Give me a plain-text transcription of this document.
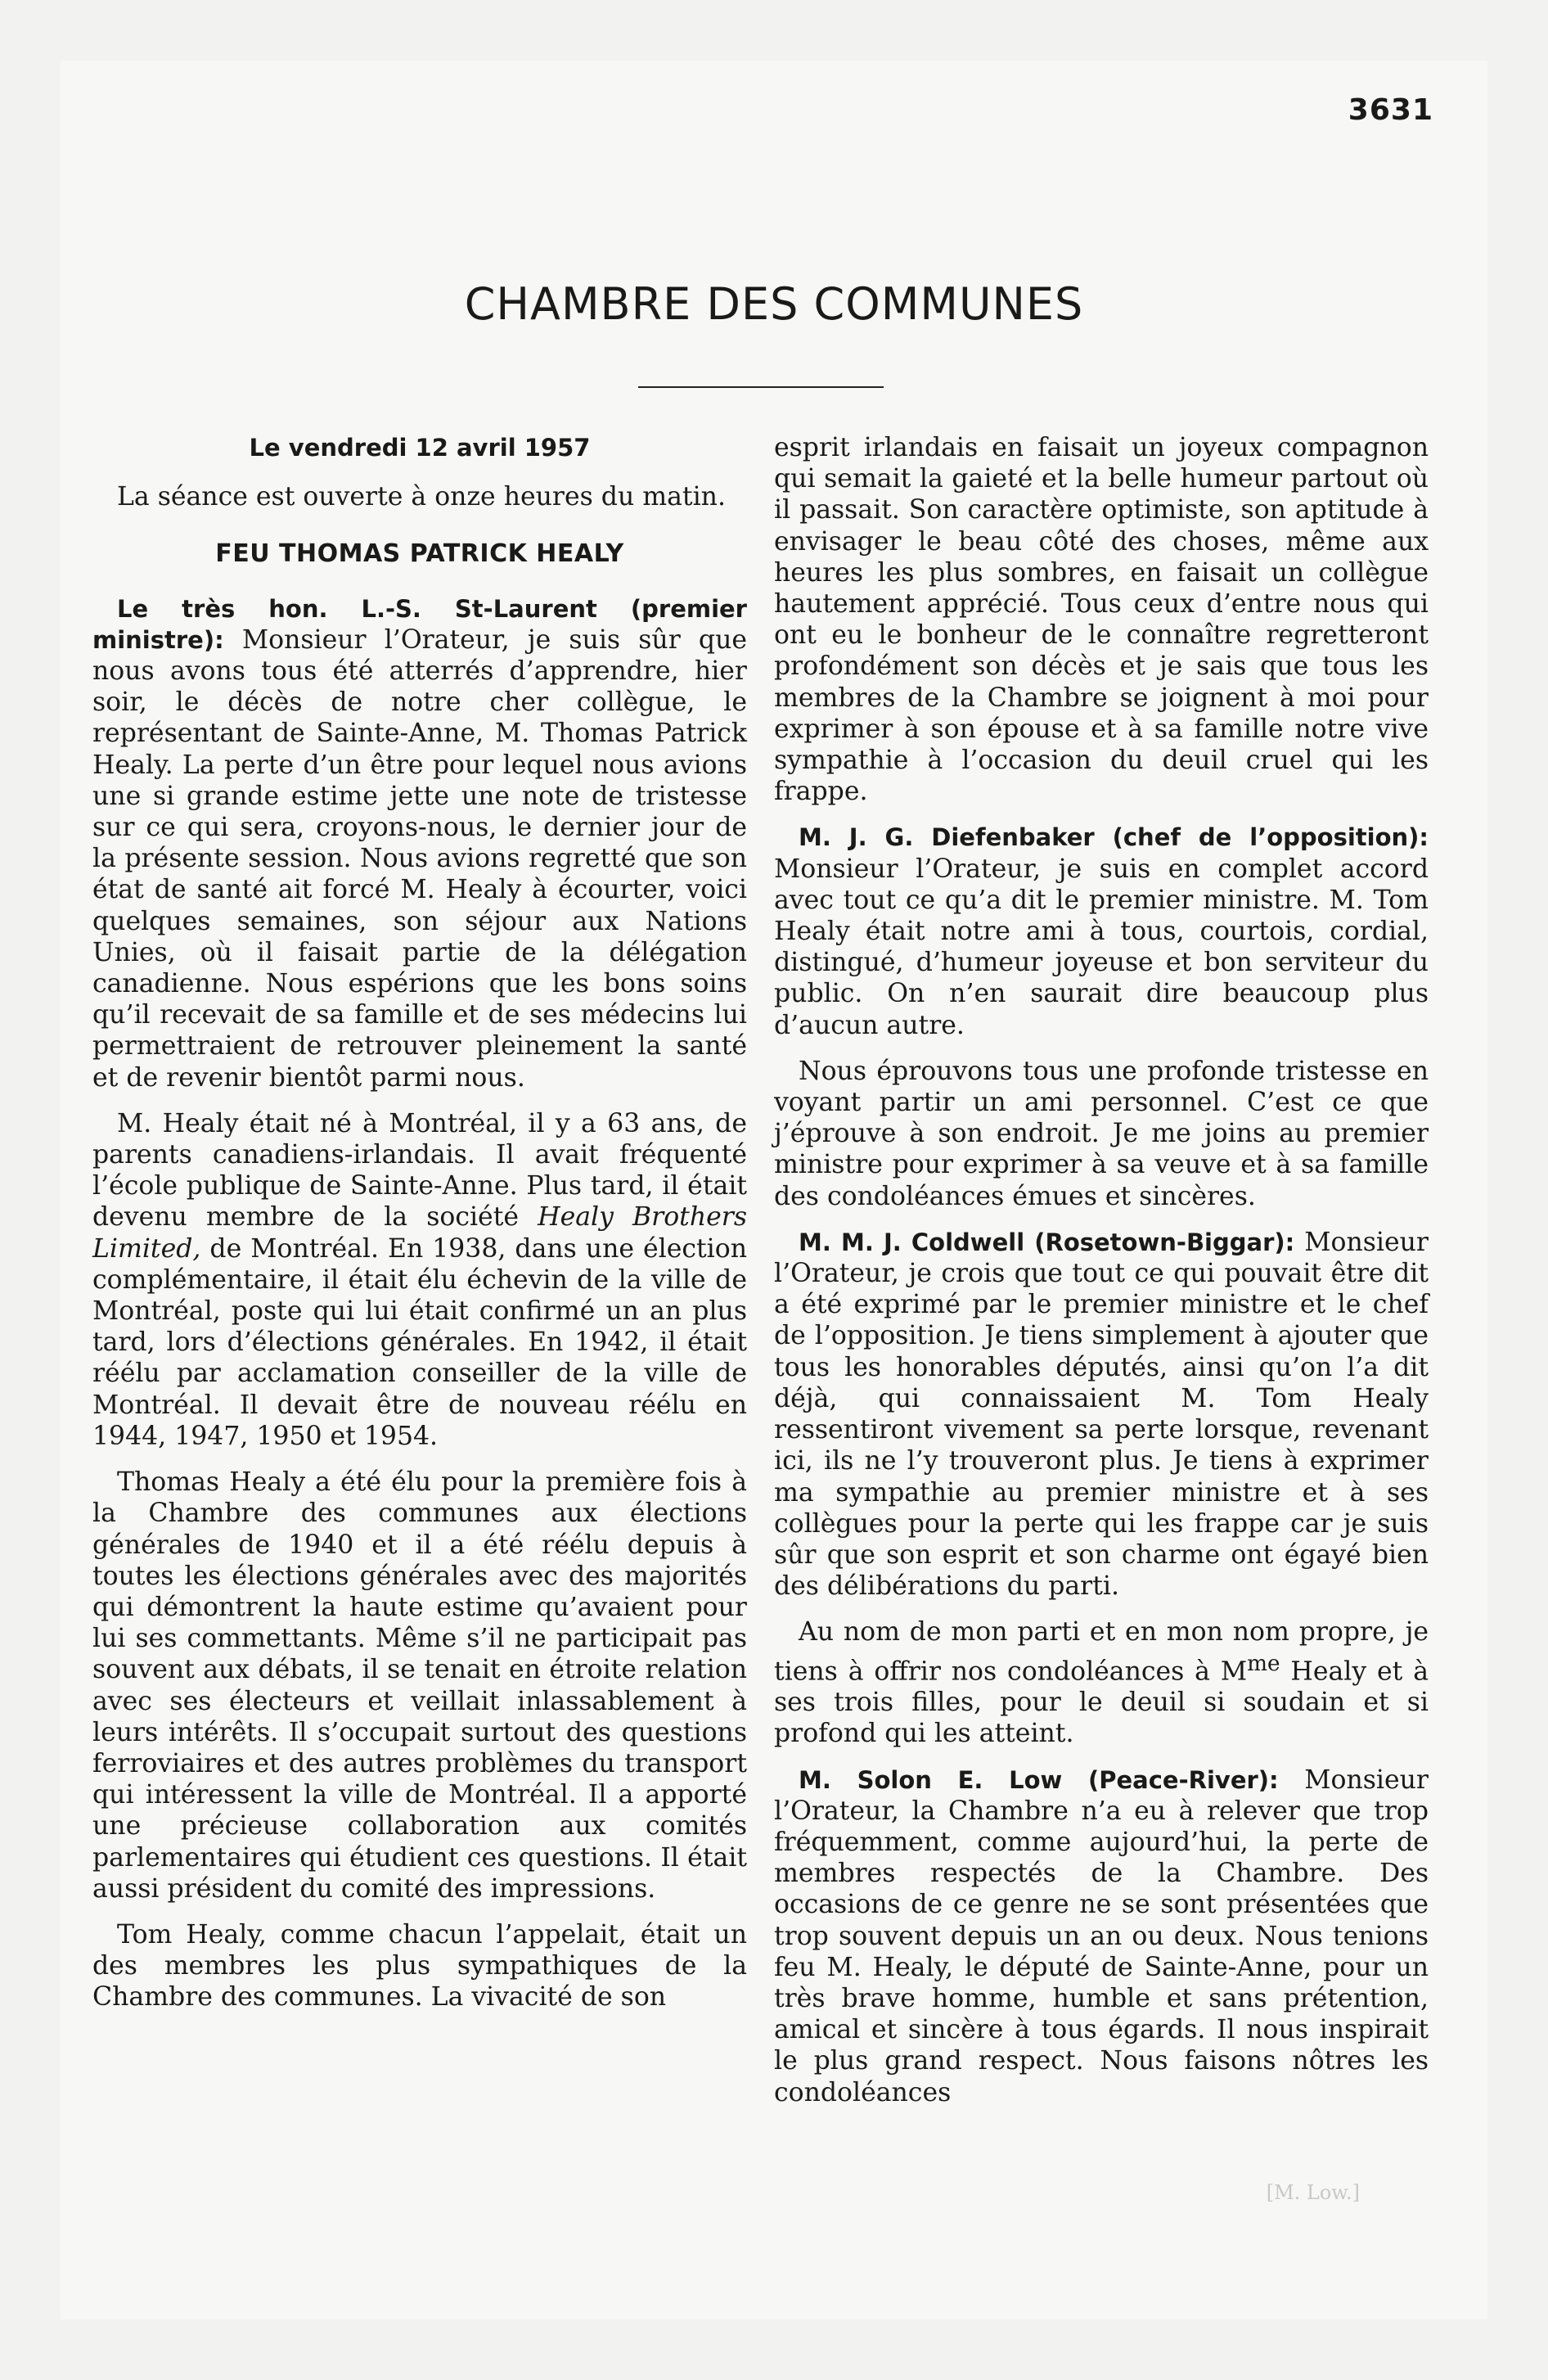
3631
CHAMBRE DES COMMUNES
Le vendredi 12 avril 1957

La séance est ouverte à onze heures du matin.

FEU THOMAS PATRICK HEALY

Le très hon. L.-S. St-Laurent (premier ministre): Monsieur l’Orateur, je suis sûr que nous avons tous été atterrés d’apprendre, hier soir, le décès de notre cher collègue, le représentant de Sainte-Anne, M. Thomas Patrick Healy. La perte d’un être pour lequel nous avions une si grande estime jette une note de tristesse sur ce qui sera, croyons-nous, le dernier jour de la présente session. Nous avions regretté que son état de santé ait forcé M. Healy à écourter, voici quelques semaines, son séjour aux Nations Unies, où il faisait partie de la délégation canadienne. Nous espérions que les bons soins qu’il recevait de sa famille et de ses médecins lui permettraient de retrouver pleinement la santé et de revenir bientôt parmi nous.

M. Healy était né à Montréal, il y a 63 ans, de parents canadiens-irlandais. Il avait fréquenté l’école publique de Sainte-Anne. Plus tard, il était devenu membre de la société Healy Brothers Limited, de Montréal. En 1938, dans une élection complémentaire, il était élu échevin de la ville de Montréal, poste qui lui était confirmé un an plus tard, lors d’élections générales. En 1942, il était réélu par acclamation conseiller de la ville de Montréal. Il devait être de nouveau réélu en 1944, 1947, 1950 et 1954.

Thomas Healy a été élu pour la première fois à la Chambre des communes aux élections générales de 1940 et il a été réélu depuis à toutes les élections générales avec des majorités qui démontrent la haute estime qu’avaient pour lui ses commettants. Même s’il ne participait pas souvent aux débats, il se tenait en étroite relation avec ses électeurs et veillait inlassablement à leurs intérêts. Il s’occupait surtout des questions ferroviaires et des autres problèmes du transport qui intéressent la ville de Montréal. Il a apporté une précieuse collaboration aux comités parlementaires qui étudient ces questions. Il était aussi président du comité des impressions.

Tom Healy, comme chacun l’appelait, était un des membres les plus sympathiques de la Chambre des communes. La vivacité de son

esprit irlandais en faisait un joyeux compagnon qui semait la gaieté et la belle humeur partout où il passait. Son caractère optimiste, son aptitude à envisager le beau côté des choses, même aux heures les plus sombres, en faisait un collègue hautement apprécié. Tous ceux d’entre nous qui ont eu le bonheur de le connaître regretteront profondément son décès et je sais que tous les membres de la Chambre se joignent à moi pour exprimer à son épouse et à sa famille notre vive sympathie à l’occasion du deuil cruel qui les frappe.

M. J. G. Diefenbaker (chef de l’opposition): Monsieur l’Orateur, je suis en complet accord avec tout ce qu’a dit le premier ministre. M. Tom Healy était notre ami à tous, courtois, cordial, distingué, d’humeur joyeuse et bon serviteur du public. On n’en saurait dire beaucoup plus d’aucun autre.

Nous éprouvons tous une profonde tristesse en voyant partir un ami personnel. C’est ce que j’éprouve à son endroit. Je me joins au premier ministre pour exprimer à sa veuve et à sa famille des condoléances émues et sincères.

M. M. J. Coldwell (Rosetown-Biggar): Monsieur l’Orateur, je crois que tout ce qui pouvait être dit a été exprimé par le premier ministre et le chef de l’opposition. Je tiens simplement à ajouter que tous les honorables députés, ainsi qu’on l’a dit déjà, qui connaissaient M. Tom Healy ressentiront vivement sa perte lorsque, revenant ici, ils ne l’y trouveront plus. Je tiens à exprimer ma sympathie au premier ministre et à ses collègues pour la perte qui les frappe car je suis sûr que son esprit et son charme ont égayé bien des délibérations du parti.

Au nom de mon parti et en mon nom propre, je tiens à offrir nos condoléances à $M^{me}$ Healy et à ses trois filles, pour le deuil si soudain et si profond qui les atteint.

M. Solon E. Low (Peace-River): Monsieur l’Orateur, la Chambre n’a eu à relever que trop fréquemment, comme aujourd’hui, la perte de membres respectés de la Chambre. Des occasions de ce genre ne se sont présentées que trop souvent depuis un an ou deux. Nous tenions feu M. Healy, le député de Sainte-Anne, pour un très brave homme, humble et sans prétention, amical et sincère à tous égards. Il nous inspirait le plus grand respect. Nous faisons nôtres les condoléances

[M. Low.]
